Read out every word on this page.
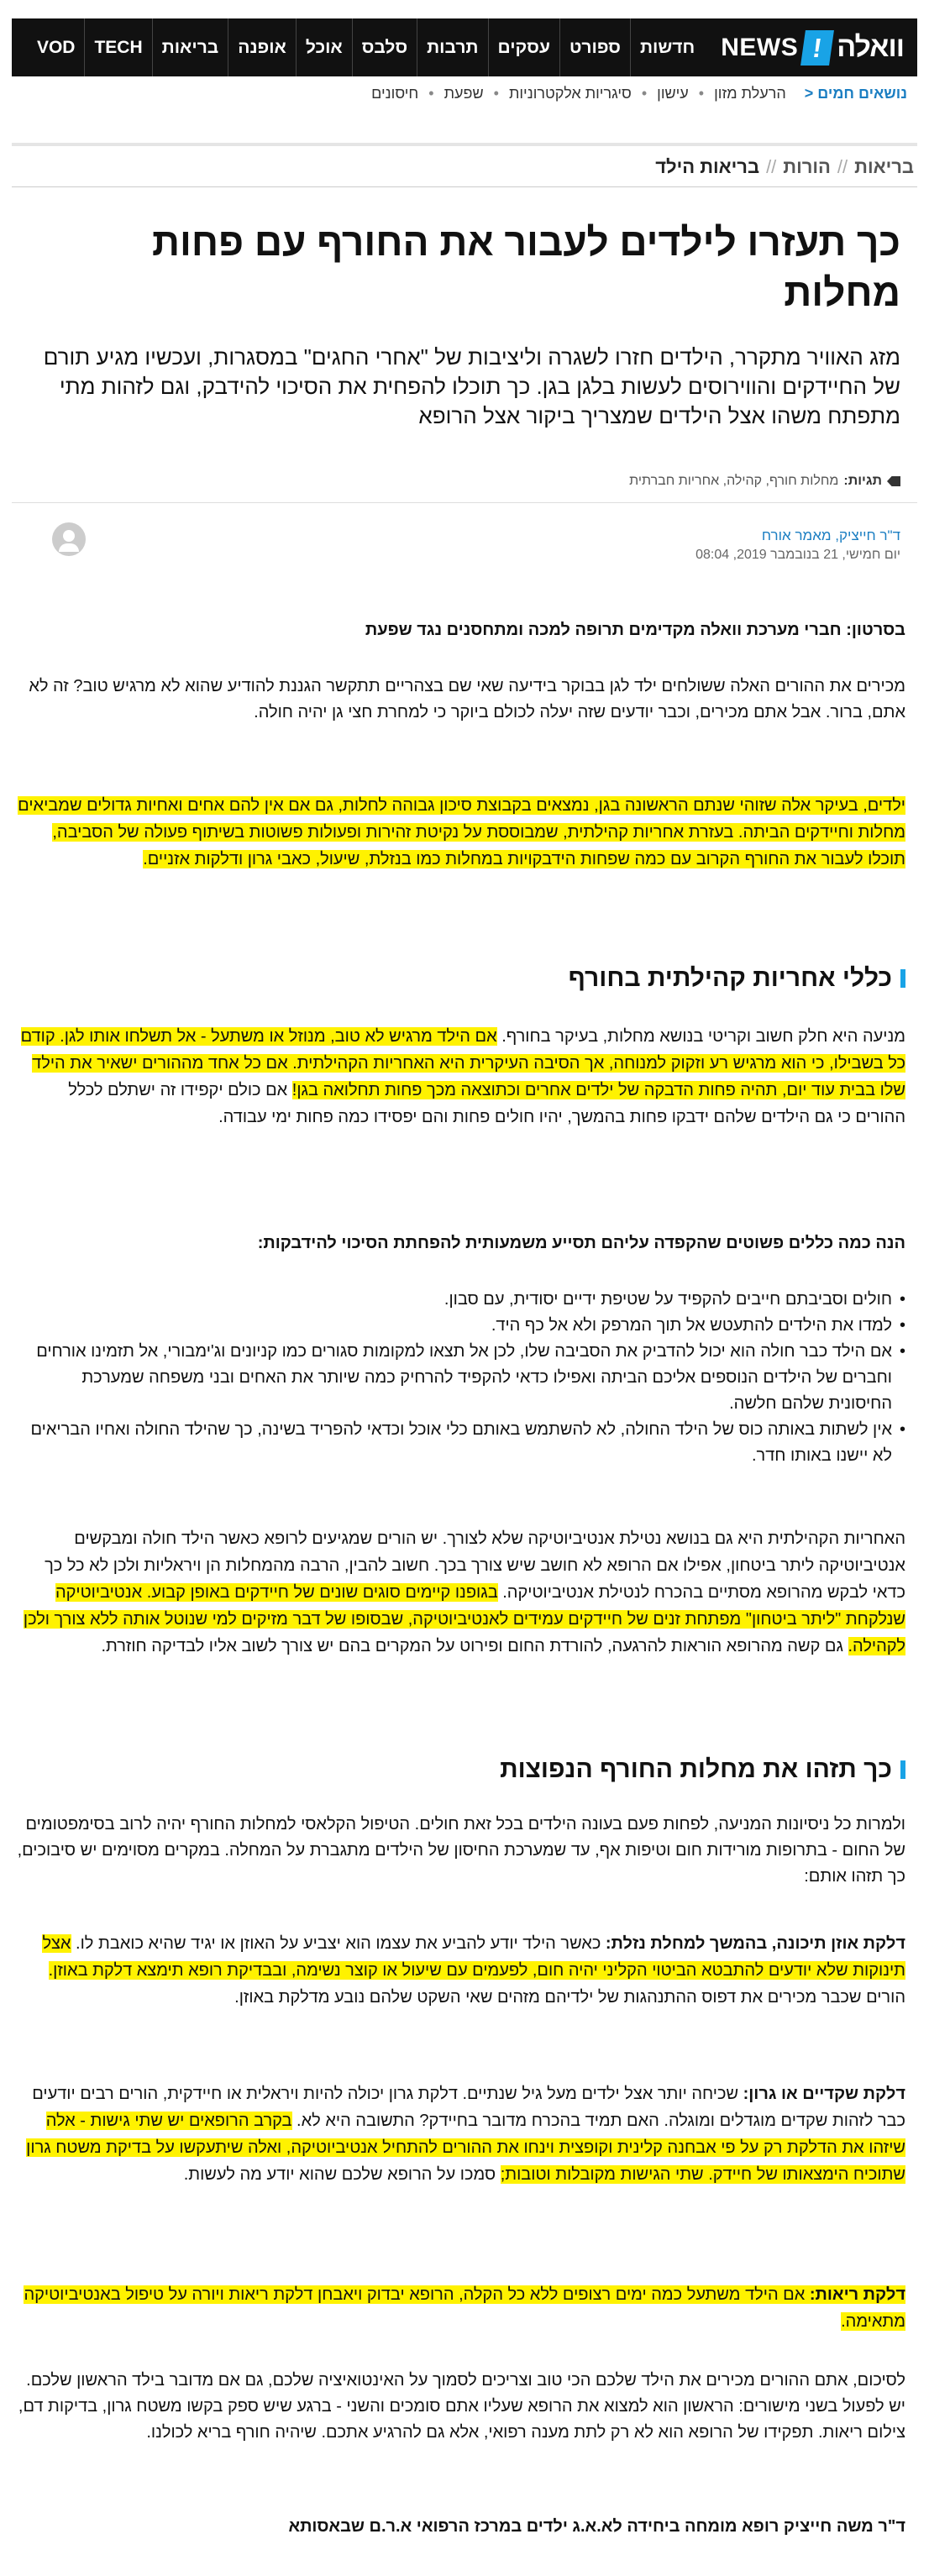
וואלה
!
NEWS
חדשות
ספורט
עסקים
תרבות
סלבס
אוכל
אופנה
בריאות
TECH
VOD
נושאים חמים <
הרעלת מזון
•
עישון
•
סיגריות אלקטרוניות
•
שפעת
•
חיסונים
בריאות//הורות//בריאות הילד
כך תעזרו לילדים לעבור את החורף עם פחות מחלות

מזג האוויר מתקרר, הילדים חזרו לשגרה וליציבות של "אחרי החגים" במסגרות, ועכשיו מגיע תורם של החיידקים והווירוסים לעשות בלגן בגן. כך תוכלו להפחית את הסיכוי להידבק, וגם לזהות מתי מתפתח משהו אצל הילדים שמצריך ביקור אצל הרופא

תגיות:
מחלות חורף, קהילה, אחריות חברתית
ד"ר חייציק, מאמר אורח
יום חמישי, 21 בנובמבר 2019, 08:04

בסרטון: חברי מערכת וואלה מקדימים תרופה למכה ומתחסנים נגד שפעת

מכירים את ההורים האלה ששולחים ילד לגן בבוקר בידיעה שאי שם בצהריים תתקשר הגננת להודיע שהוא לא מרגיש טוב? זה לא אתם, ברור. אבל אתם מכירים, וכבר יודעים שזה יעלה לכולם ביוקר כי למחרת חצי גן יהיה חולה.

ילדים, בעיקר אלה שזוהי שנתם הראשונה בגן, נמצאים בקבוצת סיכון גבוהה לחלות, גם אם אין להם אחים ואחיות גדולים שמביאים מחלות וחיידקים הביתה. בעזרת אחריות קהילתית, שמבוססת על נקיטת זהירות ופעולות פשוטות בשיתוף פעולה של הסביבה, תוכלו לעבור את החורף הקרוב עם כמה שפחות הידבקויות במחלות כמו בנזלת, שיעול, כאבי גרון ודלקות אזניים.

כללי אחריות קהילתית בחורף

מניעה היא חלק חשוב וקריטי בנושא מחלות, בעיקר בחורף. אם הילד מרגיש לא טוב, מנוזל או משתעל - אל תשלחו אותו לגן. קודם כל בשבילו, כי הוא מרגיש רע וזקוק למנוחה, אך הסיבה העיקרית היא האחריות הקהילתית. אם כל אחד מההורים ישאיר את הילד שלו בבית עוד יום, תהיה פחות הדבקה של ילדים אחרים וכתוצאה מכך פחות תחלואה בגן! אם כולם יקפידו זה ישתלם לכלל ההורים כי גם הילדים שלהם ידבקו פחות בהמשך, יהיו חולים פחות והם יפסידו כמה פחות ימי עבודה.

הנה כמה כללים פשוטים שהקפדה עליהם תסייע משמעותית להפחתת הסיכוי להידבקות:

• חולים וסביבתם חייבים להקפיד על שטיפת ידיים יסודית, עם סבון.
• למדו את הילדים להתעטש אל תוך המרפק ולא אל כף היד.
• אם הילד כבר חולה הוא יכול להדביק את הסביבה שלו, לכן אל תצאו למקומות סגורים כמו קניונים וג'ימבורי, אל תזמינו אורחים וחברים של הילדים הנוספים אליכם הביתה ואפילו כדאי להקפיד להרחיק כמה שיותר את האחים ובני משפחה שמערכת החיסונית שלהם חלשה.
• אין לשתות באותה כוס של הילד החולה, לא להשתמש באותם כלי אוכל וכדאי להפריד בשינה, כך שהילד החולה ואחיו הבריאים לא יישנו באותו חדר.

האחריות הקהילתית היא גם בנושא נטילת אנטיביוטיקה שלא לצורך. יש הורים שמגיעים לרופא כאשר הילד חולה ומבקשים אנטיביוטיקה ליתר ביטחון, אפילו אם הרופא לא חושב שיש צורך בכך. חשוב להבין, הרבה מהמחלות הן ויראליות ולכן לא כל כך כדאי לבקש מהרופא מסתיים בהכרח לנטילת אנטיביוטיקה. בגופנו קיימים סוגים שונים של חיידקים באופן קבוע. אנטיביוטיקה שנלקחת "ליתר ביטחון" מפתחת זנים של חיידקים עמידים לאנטיביוטיקה, שבסופו של דבר מזיקים למי שנוטל אותה ללא צורך ולכן לקהילה. גם קשה מהרופא הוראות להרגעה, להורדת החום ופירוט על המקרים בהם יש צורך לשוב אליו לבדיקה חוזרת.

כך תזהו את מחלות החורף הנפוצות

ולמרות כל ניסיונות המניעה, לפחות פעם בעונה הילדים בכל זאת חולים. הטיפול הקלאסי למחלות החורף יהיה לרוב בסימפטומים של החום - בתרופות מורידות חום וטיפות אף, עד שמערכת החיסון של הילדים מתגברת על המחלה. במקרים מסוימים יש סיבוכים, כך תזהו אותם:

דלקת אוזן תיכונה, בהמשך למחלת נזלת: כאשר הילד יודע להביע את עצמו הוא יצביע על האוזן או יגיד שהיא כואבת לו. אצל תינוקות שלא יודעים להתבטא הביטוי הקליני יהיה חום, לפעמים עם שיעול או קוצר נשימה, ובבדיקת רופא תימצא דלקת באוזן. הורים שכבר מכירים את דפוס ההתנהגות של ילדיהם מזהים שאי השקט שלהם נובע מדלקת באוזן.

דלקת שקדיים או גרון: שכיחה יותר אצל ילדים מעל גיל שנתיים. דלקת גרון יכולה להיות ויראלית או חיידקית, הורים רבים יודעים כבר לזהות שקדים מוגדלים ומוגלה. האם תמיד בהכרח מדובר בחיידק? התשובה היא לא. בקרב הרופאים יש שתי גישות - אלה שיזהו את הדלקת רק על פי אבחנה קלינית וקופצית וינחו את ההורים להתחיל אנטיביוטיקה, ואלה שיתעקשו על בדיקת משטח גרון שתוכיח הימצאותו של חיידק. שתי הגישות מקובלות וטובות; סמכו על הרופא שלכם שהוא יודע מה לעשות.

דלקת ריאות: אם הילד משתעל כמה ימים רצופים ללא כל הקלה, הרופא יבדוק ויאבחן דלקת ריאות ויורה על טיפול באנטיביוטיקה מתאימה.

לסיכום, אתם ההורים מכירים את הילד שלכם הכי טוב וצריכים לסמוך על האינטואיציה שלכם, גם אם מדובר בילד הראשון שלכם. יש לפעול בשני מישורים: הראשון הוא למצוא את הרופא שעליו אתם סומכים והשני - ברגע שיש ספק בקשו משטח גרון, בדיקות דם, צילום ריאות. תפקידו של הרופא הוא לא רק לתת מענה רפואי, אלא גם להרגיע אתכם. שיהיה חורף בריא לכולנו.

ד"ר משה חייציק רופא מומחה ביחידה לא.א.ג ילדים במרכז הרפואי א.ר.ם שבאסותא
